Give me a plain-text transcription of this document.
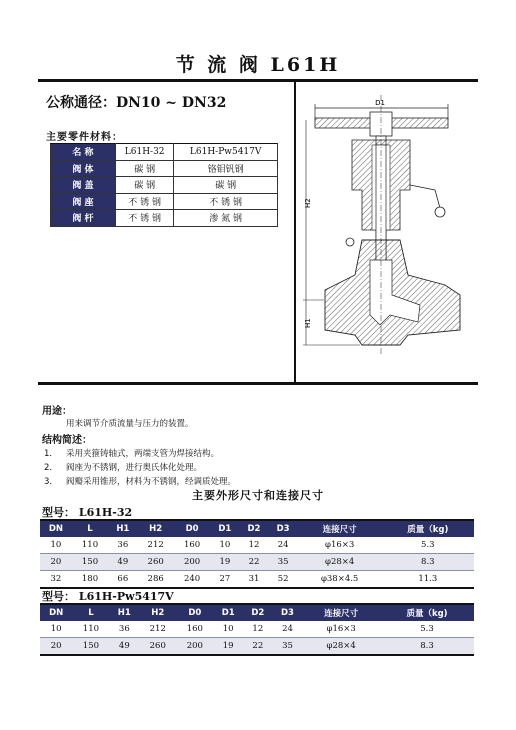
节 流 阀 L61H
公称通径：DN10 ~ DN32
主要零件材料：
名 称	L61H-32	L61H-Pw5417V
阀 体	碳 钢	铬钼钒钢
阀 盖	碳 钢	碳 钢
阀 座	不 锈 钢	不 锈 钢
阀 杆	不 锈 钢	渗 氮 钢
D1
H2
H1
用途：
用来调节介质流量与压力的装置。
结构简述：
1． 采用夹箍铸轴式，两端支管为焊接结构。
2． 阀座为不锈钢，进行奥氏体化处理。
3． 阀瓣采用锥形，材料为不锈钢，经调质处理。
主要外形尺寸和连接尺寸
型号： L61H-32
DN	L	H1	H2	D0	D1	D2	D3	连接尺寸	质量（kg)
10	110	36	212	160	10	12	24	φ16×3	5.3
20	150	49	260	200	19	22	35	φ28×4	8.3
32	180	66	286	240	27	31	52	φ38×4.5	11.3
型号： L61H-Pw5417V
DN	L	H1	H2	D0	D1	D2	D3	连接尺寸	质量（kg)
10	110	36	212	160	10	12	24	φ16×3	5.3
20	150	49	260	200	19	22	35	φ28×4	8.3
